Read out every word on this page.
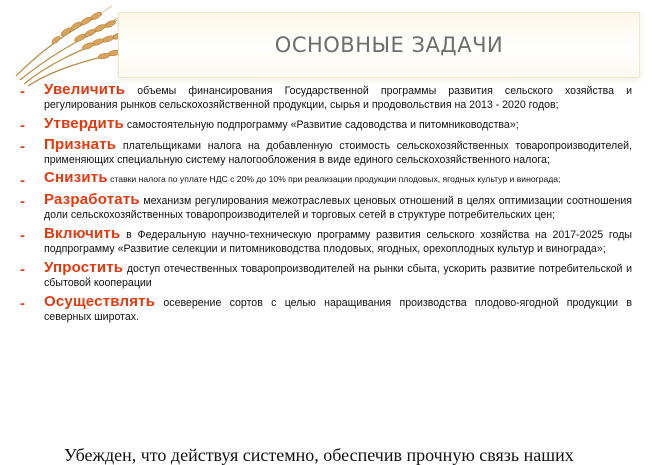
ОСНОВНЫЕ ЗАДАЧИ
-	Увеличить объемы финансирования Государственной программы развития сельского хозяйства и регулирования рынков сельскохозяйственной продукции, сырья и продовольствия на 2013 - 2020 годов;
-	Утвердить самостоятельную подпрограмму «Развитие садоводства и питомниководства»;
-	Признать плательщиками налога на добавленную стоимость сельскохозяйственных товаропроизводителей, применяющих специальную систему налогообложения в виде единого сельскохозяйственного налога;
-	Снизить ставки налога по уплате НДС с 20% до 10% при реализации продукции плодовых, ягодных культур и винограда;
-	Разработать механизм регулирования межотраслевых ценовых отношений в целях оптимизации соотношения доли сельскохозяйственных товаропроизводителей и торговых сетей в структуре потребительских цен;
-	Включить в Федеральную научно-техническую программу развития сельского хозяйства на 2017-2025 годы подпрограмму «Развитие селекции и питомниководства плодовых, ягодных, орехоплодных культур и винограда»;
-	Упростить доступ отечественных товаропроизводителей на рынки сбыта, ускорить развитие потребительской и сбытовой кооперации
-	Осуществлять осеверение сортов с целью наращивания производства плодово-ягодной продукции в северных широтах.
Убежден, что действуя системно, обеспечив прочную связь наших
